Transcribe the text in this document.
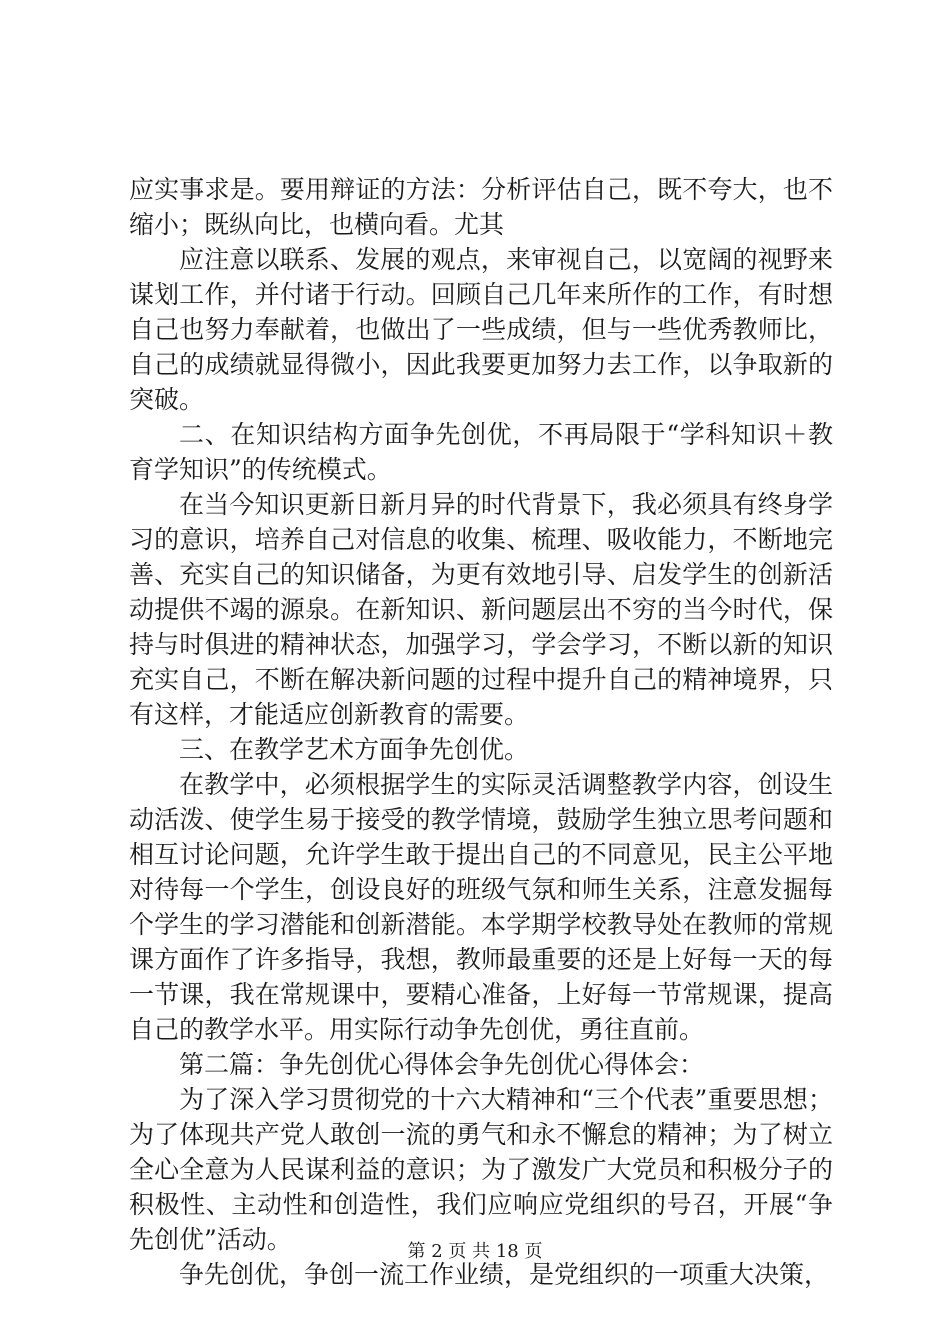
应实事求是。要用辩证的方法：分析评估自己，既不夸大，也不缩小；既纵向比，也横向看。尤其

应注意以联系、发展的观点，来审视自己，以宽阔的视野来谋划工作，并付诸于行动。回顾自己几年来所作的工作，有时想自己也努力奉献着，也做出了一些成绩，但与一些优秀教师比，自己的成绩就显得微小，因此我要更加努力去工作，以争取新的突破。

二、在知识结构方面争先创优，不再局限于“学科知识＋教育学知识”的传统模式。

在当今知识更新日新月异的时代背景下，我必须具有终身学习的意识，培养自己对信息的收集、梳理、吸收能力，不断地完善、充实自己的知识储备，为更有效地引导、启发学生的创新活动提供不竭的源泉。在新知识、新问题层出不穷的当今时代，保持与时俱进的精神状态，加强学习，学会学习，不断以新的知识充实自己，不断在解决新问题的过程中提升自己的精神境界，只有这样，才能适应创新教育的需要。

三、在教学艺术方面争先创优。

在教学中，必须根据学生的实际灵活调整教学内容，创设生动活泼、使学生易于接受的教学情境，鼓励学生独立思考问题和相互讨论问题，允许学生敢于提出自己的不同意见，民主公平地对待每一个学生，创设良好的班级气氛和师生关系，注意发掘每个学生的学习潜能和创新潜能。本学期学校教导处在教师的常规课方面作了许多指导，我想，教师最重要的还是上好每一天的每一节课，我在常规课中，要精心准备，上好每一节常规课，提高自己的教学水平。用实际行动争先创优，勇往直前。

第二篇：争先创优心得体会争先创优心得体会：

为了深入学习贯彻党的十六大精神和“三个代表”重要思想；为了体现共产党人敢创一流的勇气和永不懈怠的精神；为了树立全心全意为人民谋利益的意识；为了激发广大党员和积极分子的积极性、主动性和创造性，我们应响应党组织的号召，开展“争先创优”活动。

争先创优，争创一流工作业绩，是党组织的一项重大决策，

第 2 页 共 18 页
